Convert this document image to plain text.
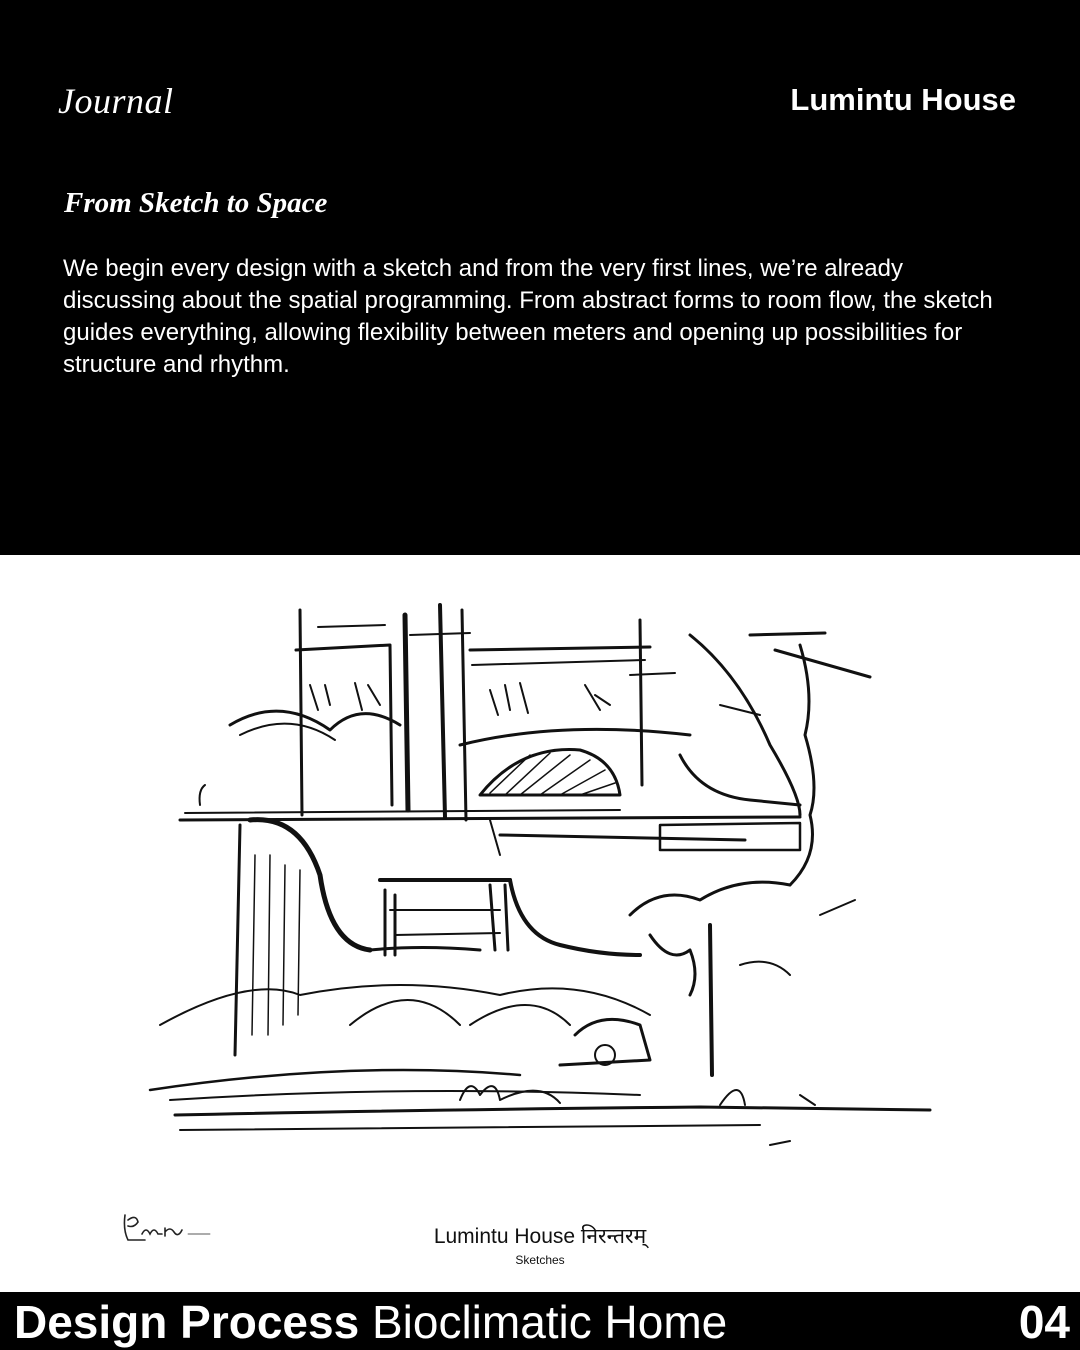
Journal	Lumintu House
From Sketch to Space

We begin every design with a sketch and from the very first lines, we’re already discussing about the spatial programming. From abstract forms to room flow, the sketch guides everything, allowing flexibility between meters and opening up possibilities for structure and rhythm.

Lumintu House निरन्तरम्
Sketches
Design Process Bioclimatic Home	04
